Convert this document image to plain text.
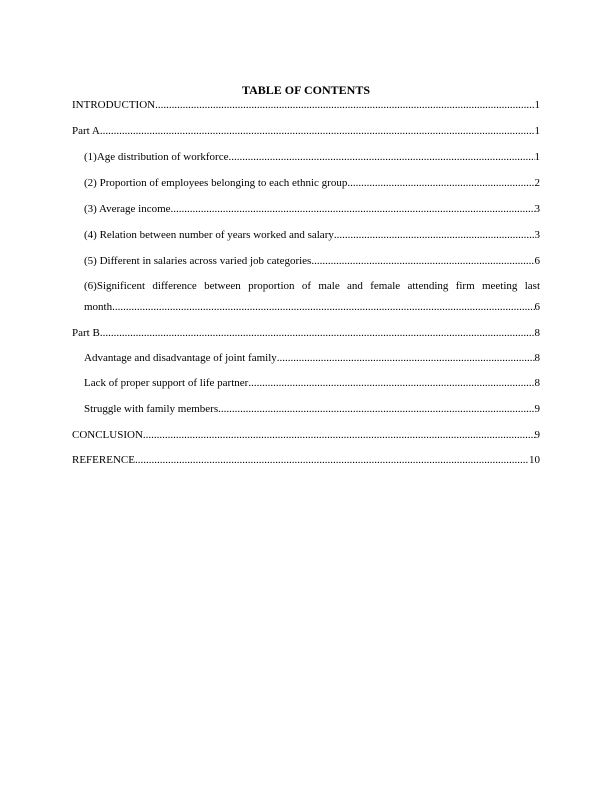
TABLE OF CONTENTS
INTRODUCTION .....	1
Part A .....	1
(1)Age distribution of workforce .....	1
(2) Proportion of employees belonging to each ethnic group .....	2
(3) Average income .....	3
(4) Relation between number of years worked and salary .....	3
(5) Different in salaries across varied job categories .....	6
(6)Significent difference between proportion of male and female attending firm meeting last
month .....	6
Part B .....	8
Advantage and disadvantage of joint family .....	8
Lack of proper support of life partner .....	8
Struggle with family members .....	9
CONCLUSION .....	9
REFERENCE .....	10
